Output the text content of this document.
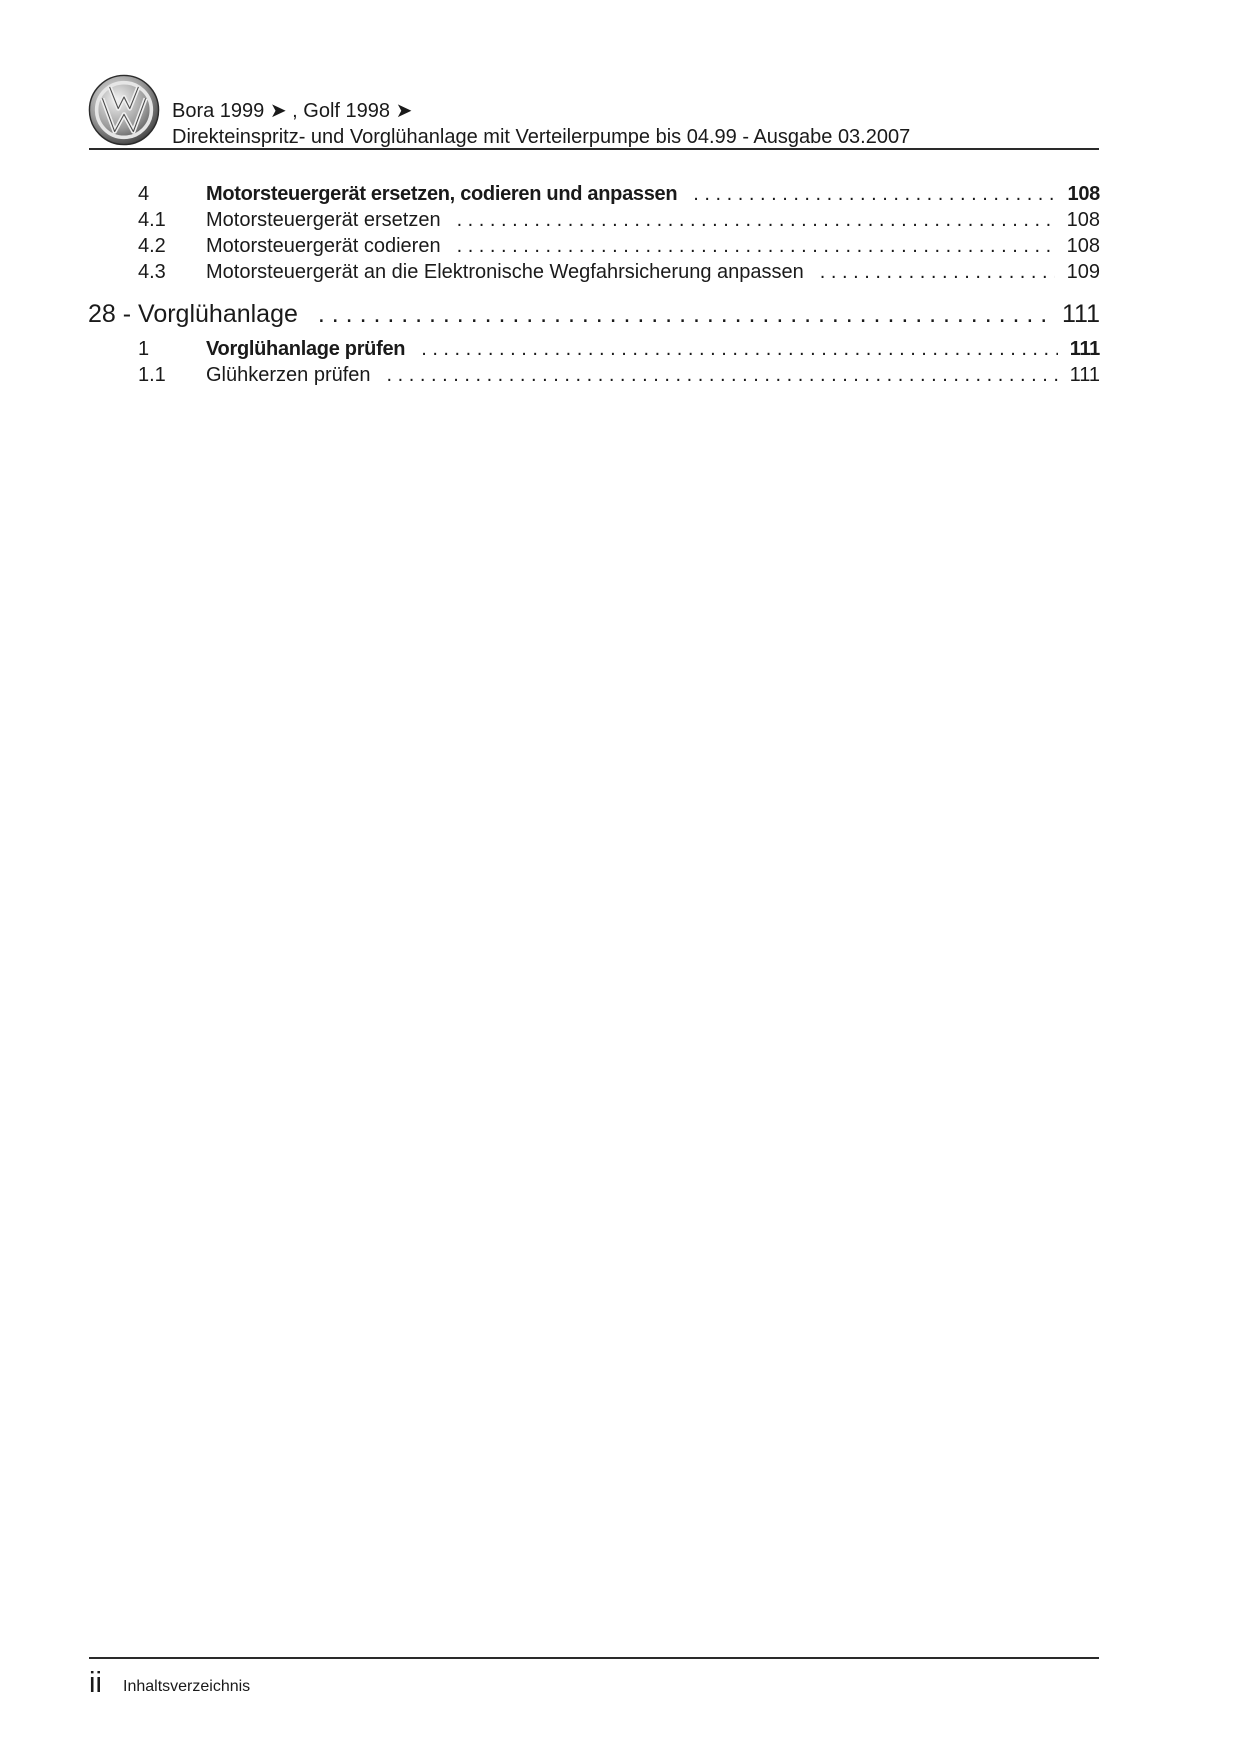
Bora 1999 ➤ , Golf 1998 ➤
Direkteinspritz- und Vorglühanlage mit Verteilerpumpe bis 04.99 - Ausgabe 03.2007
4	Motorsteuergerät ersetzen, codieren und anpassen . . .	108
4.1	Motorsteuergerät ersetzen . . .	108
4.2	Motorsteuergerät codieren . . .	108
4.3	Motorsteuergerät an die Elektronische Wegfahrsicherung anpassen . . .	109
28 - Vorglühanlage . . .	111
1	Vorglühanlage prüfen . . .	111
1.1	Glühkerzen prüfen . . .	111
ii Inhaltsverzeichnis
